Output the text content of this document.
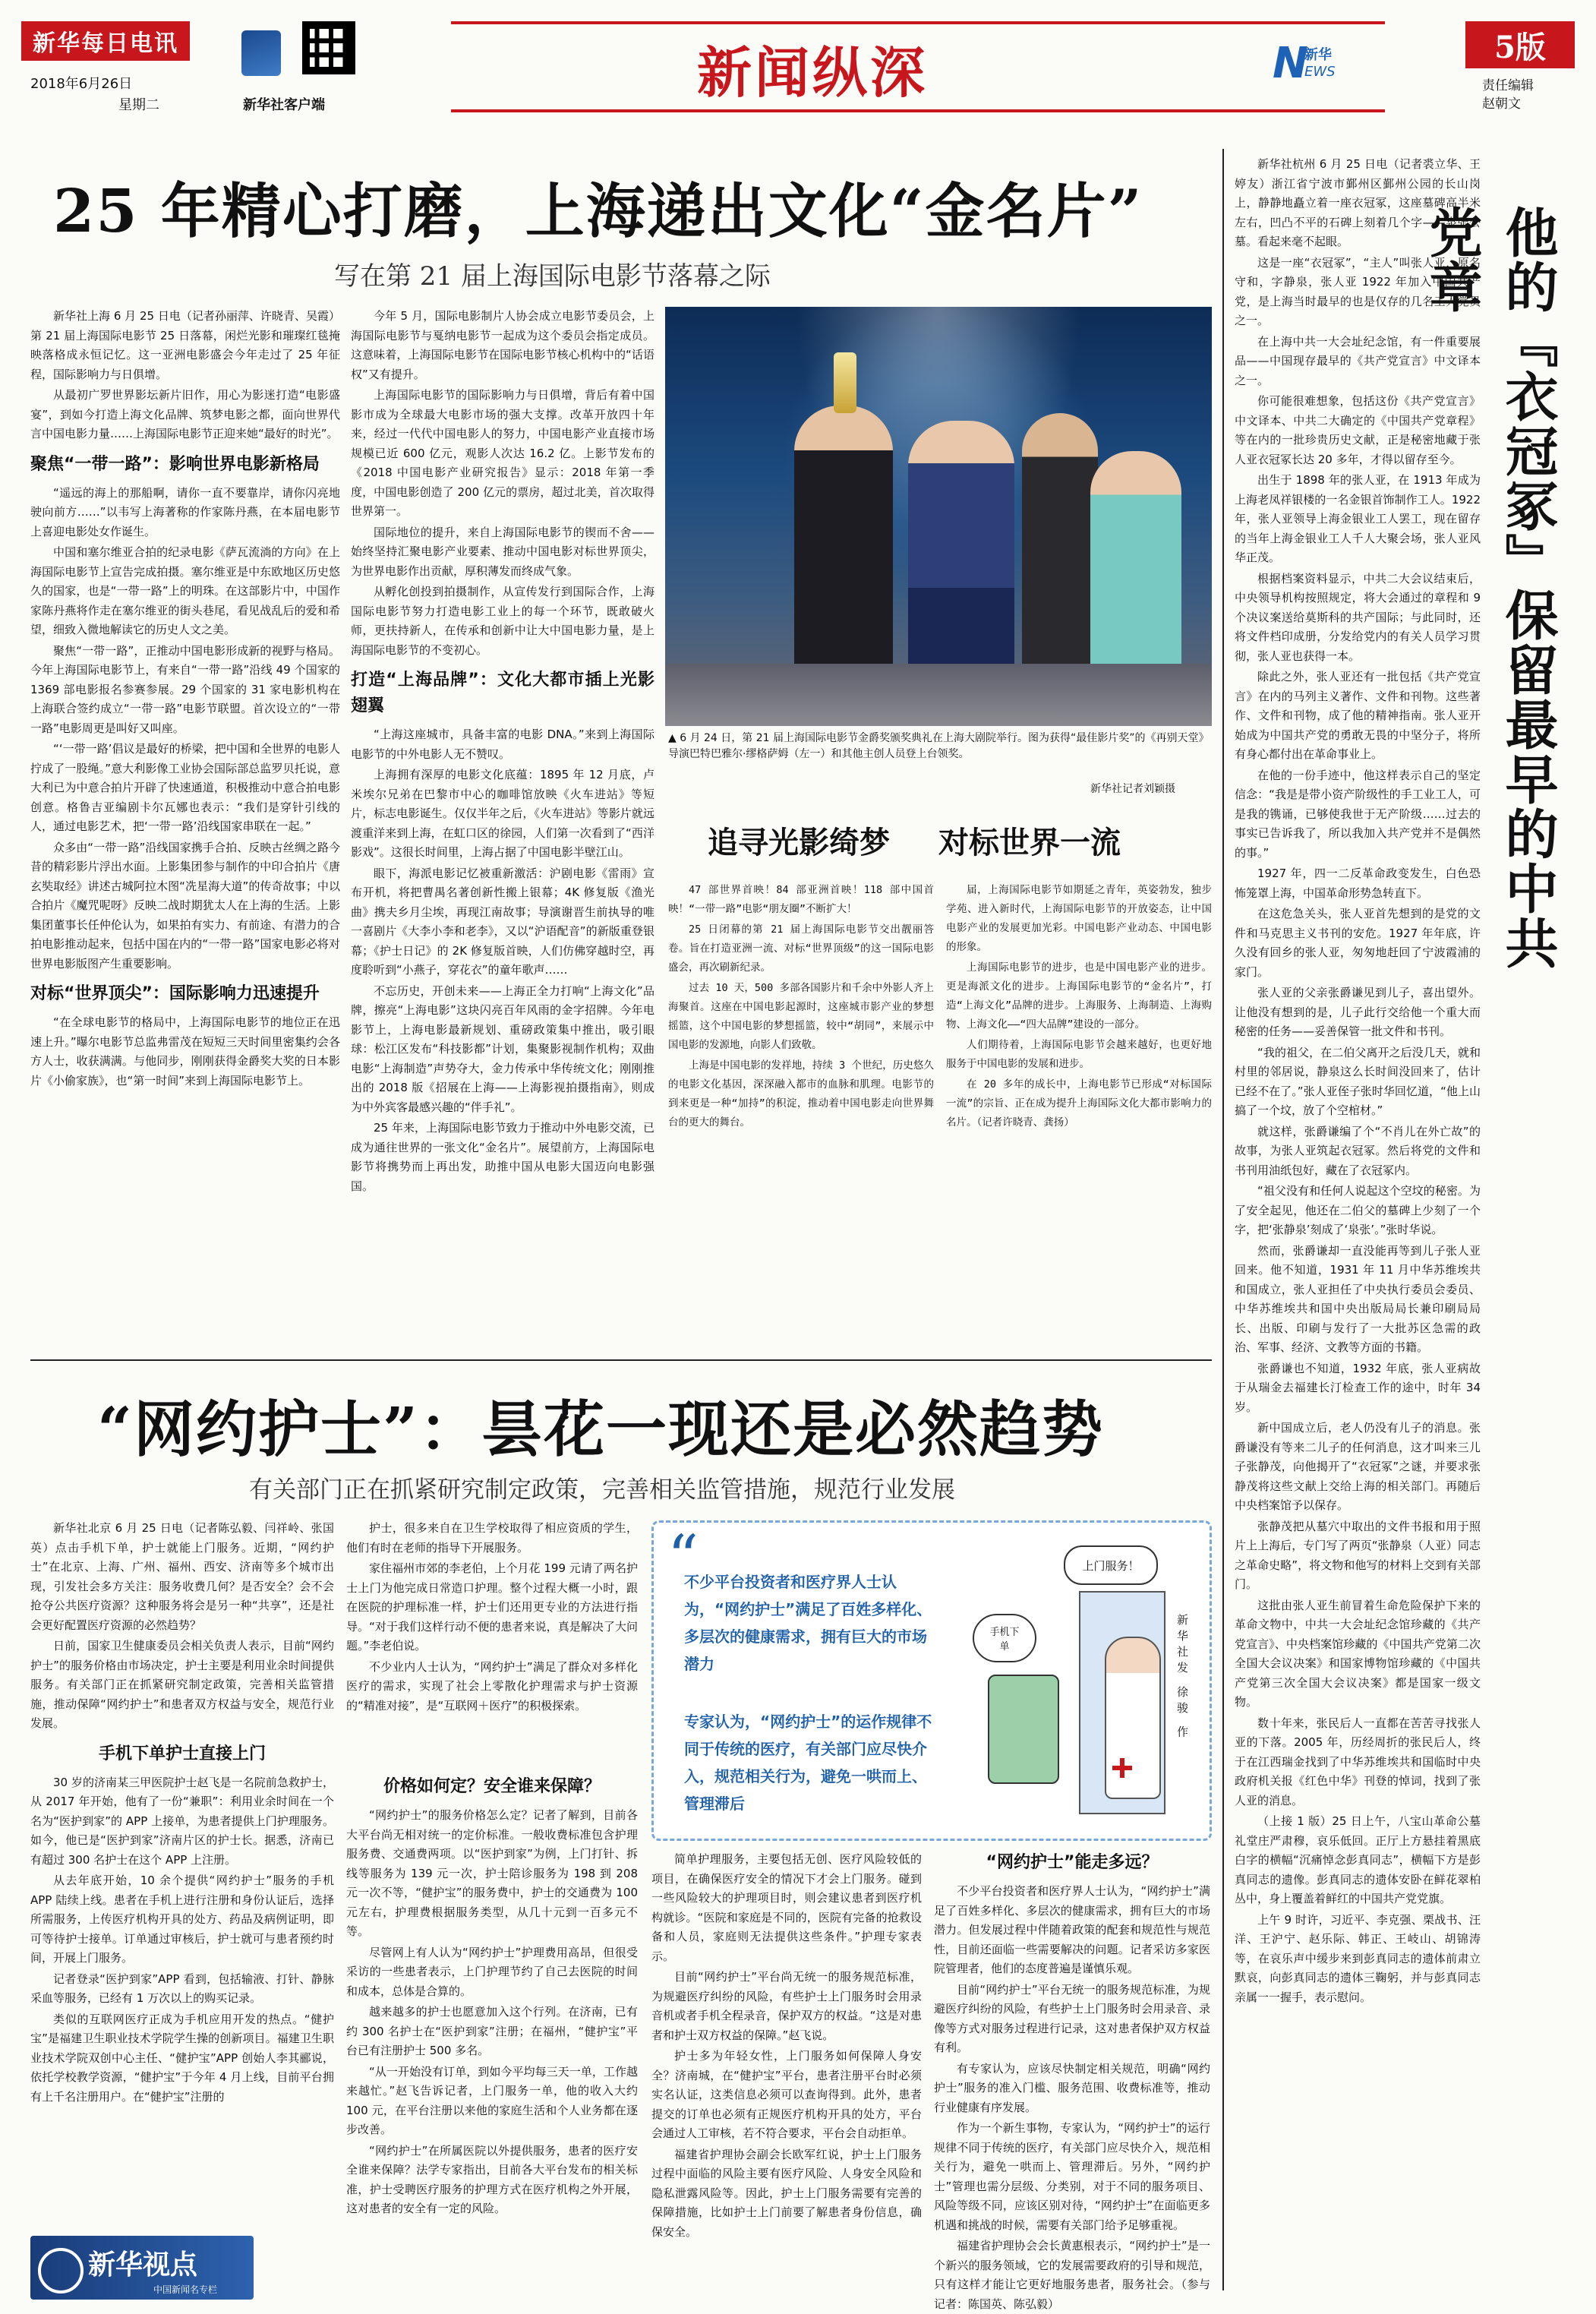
新华每日电讯
2018年6月26日
星期二	新华社客户端
新闻纵深	N
新华
EWS
5版
责任编辑
赵朝文
25 年精心打磨，上海递出文化“金名片”
写在第 21 届上海国际电影节落幕之际

新华社上海 6 月 25 日电（记者孙丽萍、许晓青、吴霞）第 21 届上海国际电影节 25 日落幕，闲烂光影和璀璨红毯掩映落格成永恒记忆。这一亚洲电影盛会今年走过了 25 年征程，国际影响力与日俱增。

从最初广罗世界影坛新片旧作，用心为影迷打造“电影盛宴”，到如今打造上海文化品牌、筑梦电影之都，面向世界代言中国电影力量……上海国际电影节正迎来她“最好的时光”。

聚焦“一带一路”：影响世界电影新格局

“遥远的海上的那船啊，请你一直不要靠岸，请你闪亮地驶向前方……”以韦写上海著称的作家陈丹燕，在本届电影节上喜迎电影处女作诞生。

中国和塞尔维亚合拍的纪录电影《萨瓦流淌的方向》在上海国际电影节上宣告完成拍摄。塞尔维亚是中东欧地区历史悠久的国家，也是“一带一路”上的明珠。在这部影片中，中国作家陈丹燕将作走在塞尔维亚的街头巷尾，看见战乱后的爱和希望，细致入微地解读它的历史人文之美。

聚焦“一带一路”，正推动中国电影形成新的视野与格局。今年上海国际电影节上，有来自“一带一路”沿线 49 个国家的 1369 部电影报名参赛参展。29 个国家的 31 家电影机构在上海联合签约成立“一带一路”电影节联盟。首次设立的“一带一路”电影周更是叫好又叫座。

“‘一带一路’倡议是最好的桥梁，把中国和全世界的电影人拧成了一股绳。”意大利影像工业协会国际部总监罗贝托说，意大利已为中意合拍片开辟了快速通道，积极推动中意合拍电影创意。格鲁吉亚编剧卡尔瓦娜也表示：“我们是穿针引线的人，通过电影艺术，把‘一带一路’沿线国家串联在一起。”

众多由“一带一路”沿线国家携手合拍、反映古丝绸之路今昔的精彩影片浮出水面。上影集团参与制作的中印合拍片《唐玄奘取经》讲述古城阿拉木图“冼星海大道”的传奇故事；中以合拍片《魔咒呢呀》反映二战时期犹太人在上海的生活。上影集团董事长任仲伦认为，如果拍有实力、有前途、有潜力的合拍电影推动起来，包括中国在内的“一带一路”国家电影必将对世界电影版图产生重要影响。

对标“世界顶尖”：国际影响力迅速提升

“在全球电影节的格局中，上海国际电影节的地位正在迅速上升。”曝尔电影节总监弗雷茂在短短三天时间里密集约会各方人士，收获满满。与他同步，刚刚获得金爵奖大奖的日本影片《小偷家族》，也“第一时间”来到上海国际电影节上。

今年 5 月，国际电影制片人协会成立电影节委员会，上海国际电影节与戛纳电影节一起成为这个委员会指定成员。这意味着，上海国际电影节在国际电影节核心机构中的“话语权”又有提升。

上海国际电影节的国际影响力与日俱增，背后有着中国影市成为全球最大电影市场的强大支撑。改革开放四十年来，经过一代代中国电影人的努力，中国电影产业直接市场规模已近 600 亿元，观影人次达 16.2 亿。上影节发布的《2018 中国电影产业研究报告》显示：2018 年第一季度，中国电影创造了 200 亿元的票房，超过北美，首次取得世界第一。

国际地位的提升，来自上海国际电影节的锲而不舍——始终坚持汇聚电影产业要素、推动中国电影对标世界顶尖，为世界电影作出贡献，厚积薄发而终成气象。

从孵化创投到拍摄制作，从宣传发行到国际合作，上海国际电影节努力打造电影工业上的每一个环节，既敢破火师，更扶持新人，在传承和创新中让大中国电影力量，是上海国际电影节的不变初心。

打造“上海品牌”：文化大都市插上光影翅翼

“上海这座城市，具备丰富的电影 DNA。”来到上海国际电影节的中外电影人无不赞叹。

上海拥有深厚的电影文化底蕴：1895 年 12 月底，卢米埃尔兄弟在巴黎市中心的咖啡馆放映《火车进站》等短片，标志电影诞生。仅仅半年之后，《火车进站》等影片就远渡重洋来到上海，在虹口区的徐园，人们第一次看到了“西洋影戏”。这很长时间里，上海占据了中国电影半壁江山。

眼下，海派电影记忆被重新激活：沪剧电影《雷雨》宣布开机，将把曹禺名著创新性搬上银幕；4K 修复版《渔光曲》携夫乡月尘埃，再现江南故事；导演谢晋生前执导的唯一喜剧片《大李小李和老李》，又以“沪语配音”的新版重登银幕；《护士日记》的 2K 修复版首映，人们仿佛穿越时空，再度聆听到“小燕子，穿花衣”的童年歌声……

不忘历史，开创未来——上海正全力打响“上海文化”品牌，擦亮“上海电影”这块闪亮百年风雨的金字招牌。今年电影节上，上海电影最新规划、重磅政策集中推出，吸引眼球：松江区发布“科技影都”计划，集聚影视制作机构；双曲电影“上海制造”声势夺大，金力传承中华传统文化；刚刚推出的 2018 版《招展在上海——上海影视拍摄指南》，则成为中外宾客最感兴趣的“伴手礼”。

25 年来，上海国际电影节致力于推动中外电影交流，已成为通往世界的一张文化“金名片”。展望前方，上海国际电影节将携势而上再出发，助推中国从电影大国迈向电影强国。

▲ 6 月 24 日，第 21 届上海国际电影节金爵奖颁奖典礼在上海大剧院举行。图为获得“最佳影片奖”的《再别天堂》导演巴特巴雅尔·缪格萨姆（左一）和其他主创人员登上台领奖。
新华社记者刘颖摄
追寻光影绮梦 对标世界一流

47 部世界首映！84 部亚洲首映！118 部中国首映！“一带一路”电影“朋友圈”不断扩大！

25 日闭幕的第 21 届上海国际电影节交出靓丽答卷。旨在打造亚洲一流、对标“世界顶级”的这一国际电影盛会，再次刷新纪录。

过去 10 天，500 多部各国影片和千余中外影人齐上海聚首。这座在中国电影起源时，这座城市影产业的梦想摇篮，这个中国电影的梦想摇篮，较中“胡同”，来展示中国电影的发源地，向影人们致敬。

上海是中国电影的发祥地，持续 3 个世纪，历史悠久的电影文化基因，深深融入都市的血脉和肌理。电影节的到来更是一种“加持”的积淀，推动着中国电影走向世界舞台的更大的舞台。

届，上海国际电影节如期延之青年，英姿勃发，独步学苑、进入新时代，上海国际电影节的开放姿态，让中国电影产业的发展更加光彩。中国电影产业动态、中国电影的形象。

上海国际电影节的进步，也是中国电影产业的进步。更是海派文化的进步。上海国际电影节的“金名片”，打造“上海文化”品牌的进步。上海服务、上海制造、上海购物、上海文化——“四大品牌”建设的一部分。

人们期待着，上海国际电影节会越来越好，也更好地服务于中国电影的发展和进步。

在 20 多年的成长中，上海电影节已形成“对标国际一流”的宗旨、正在成为提升上海国际文化大都市影响力的名片。（记者许晓青、龚扬）

新华社杭州 6 月 25 日电（记者裘立华、王婷友）浙江省宁波市鄞州区鄞州公园的长山岗上，静静地矗立着一座衣冠冢，这座墓碑高半米左右，凹凸不平的石碑上刻着几个字——泉张公墓。看起来毫不起眼。

这是一座“衣冠冢”，“主人”叫张人亚，原名守和，字静泉，张人亚 1922 年加入中国共产党，是上海当时最早的也是仅存的几名工人党员之一。

在上海中共一大会址纪念馆，有一件重要展品——中国现存最早的《共产党宣言》中文译本之一。

你可能很难想象，包括这份《共产党宣言》中文译本、中共二大确定的《中国共产党章程》等在内的一批珍贵历史文献，正是秘密地藏于张人亚衣冠冢长达 20 多年，才得以留存至今。

出生于 1898 年的张人亚，在 1913 年成为上海老凤祥银楼的一名金银首饰制作工人。1922 年，张人亚领导上海金银业工人罢工，现在留存的当年上海金银业工人千人大聚会场，张人亚风华正茂。

根据档案资料显示，中共二大会议结束后，中央领导机构按照规定，将大会通过的章程和 9 个决议案送给莫斯科的共产国际；与此同时，还将文件档印成册，分发给党内的有关人员学习贯彻，张人亚也获得一本。

除此之外，张人亚还有一批包括《共产党宣言》在内的马列主义著作、文件和刊物。这些著作、文件和刊物，成了他的精神指南。张人亚开始成为中国共产党的勇敢无畏的中坚分子，将所有身心都付出在革命事业上。

在他的一份手迹中，他这样表示自己的坚定信念：“我是是带小资产阶级性的手工业工人，可是我的镌诵，已够使我世于无产阶级……过去的事实已告诉我了，所以我加入共产党并不是偶然的事。”

1927 年，四一二反革命政变发生，白色恐怖笼罩上海，中国革命形势急转直下。

在这危急关头，张人亚首先想到的是党的文件和马克思主义书刊的安危。1927 年年底，许久没有回乡的张人亚，匆匆地赶回了宁波霞浦的家门。

张人亚的父亲张爵谦见到儿子，喜出望外。让他没有想到的是，儿子此行交给他一个重大而秘密的任务——妥善保管一批文件和书刊。

“我的祖父，在二伯父离开之后没几天，就和村里的邻居说，静泉这么长时间没回来了，估计已经不在了。”张人亚侄子张时华回忆道，“他上山搞了一个坟，放了个空棺材。”

就这样，张爵谦编了个“不肖儿在外亡故”的故事，为张人亚筑起衣冠冢。然后将党的文件和书刊用油纸包好，藏在了衣冠冢内。

“祖父没有和任何人说起这个空坟的秘密。为了安全起见，他还在二伯父的墓碑上少刻了一个字，把‘张静泉’刻成了‘泉张’。”张时华说。

然而，张爵谦却一直没能再等到儿子张人亚回来。他不知道，1931 年 11 月中华苏维埃共和国成立，张人亚担任了中央执行委员会委员、中华苏维埃共和国中央出版局局长兼印刷局局长、出版、印刷与发行了一大批苏区急需的政治、军事、经济、文教等方面的书籍。

张爵谦也不知道，1932 年底，张人亚病故于从瑞金去福建长汀检查工作的途中，时年 34 岁。

新中国成立后，老人仍没有儿子的消息。张爵谦没有等来二儿子的任何消息，这才叫来三儿子张静茂，向他揭开了“衣冠冢”之谜，并要求张静茂将这些文献上交给上海的相关部门。再随后中央档案馆予以保存。

张静茂把从墓穴中取出的文件书报和用于照片上上海后，专门写了两页“张静泉（人亚）同志之革命史略”，将文物和他写的材料上交到有关部门。

这批由张人亚生前冒着生命危险保护下来的革命文物中，中共一大会址纪念馆珍藏的《共产党宣言》、中央档案馆珍藏的《中国共产党第二次全国大会议决案》和国家博物馆珍藏的《中国共产党第三次全国大会议决案》都是国家一级文物。

数十年来，张民后人一直都在苦苦寻找张人亚的下落。2005 年，历经周折的张民后人，终于在江西瑞金找到了中华苏维埃共和国临时中央政府机关报《红色中华》刊登的悼词，找到了张人亚的消息。

（上接 1 版）25 日上午，八宝山革命公墓礼堂庄严肃穆，哀乐低回。正厅上方悬挂着黑底白字的横幅“沉痛悼念彭真同志”，横幅下方是彭真同志的遗像。彭真同志的遗体安卧在鲜花翠柏丛中，身上覆盖着鲜红的中国共产党党旗。

上午 9 时许，习近平、李克强、栗战书、汪洋、王沪宁、赵乐际、韩正、王岐山、胡锦涛等，在哀乐声中缓步来到彭真同志的遗体前肃立默哀，向彭真同志的遗体三鞠躬，并与彭真同志亲属一一握手，表示慰问。

他的『衣冠冢』保留最早的中共党章
“网约护士”：昙花一现还是必然趋势
有关部门正在抓紧研究制定政策，完善相关监管措施，规范行业发展

新华社北京 6 月 25 日电（记者陈弘毅、闫祥岭、张国英）点击手机下单，护士就能上门服务。近期，“网约护士”在北京、上海、广州、福州、西安、济南等多个城市出现，引发社会多方关注：服务收费几何？是否安全？会不会抢夺公共医疗资源？这种服务将会是另一种“共享”，还是社会更好配置医疗资源的必然趋势？

日前，国家卫生健康委员会相关负责人表示，目前“网约护士”的服务价格由市场决定，护士主要是利用业余时间提供服务。有关部门正在抓紧研究制定政策，完善相关监管措施，推动保障“网约护士”和患者双方权益与安全，规范行业发展。

手机下单护士直接上门

30 岁的济南某三甲医院护士赵飞是一名院前急救护士，从 2017 年开始，他有了一份“兼职”：利用业余时间在一个名为“医护到家”的 APP 上接单，为患者提供上门护理服务。如今，他已是“医护到家”济南片区的护士长。据悉，济南已有超过 300 名护士在这个 APP 上注册。

从去年底开始，10 余个提供“网约护士”服务的手机 APP 陆续上线。患者在手机上进行注册和身份认证后，选择所需服务，上传医疗机构开具的处方、药品及病例证明，即可等待护士接单。订单通过审核后，护士就可与患者预约时间，开展上门服务。

记者登录“医护到家”APP 看到，包括输液、打针、静脉采血等服务，已经有 1 万次以上的购买记录。

类似的互联网医疗正成为手机应用开发的热点。“健护宝”是福建卫生职业技术学院学生操的创新项目。福建卫生职业技术学院双创中心主任、“健护宝”APP 创始人李其郦说，依托学校教学资源，“健护宝”于今年 4 月上线，目前平台拥有上千名注册用户。在“健护宝”注册的

新华视点
中国新闻名专栏

护士，很多来自在卫生学校取得了相应资质的学生，他们有时在老师的指导下开展服务。

家住福州市郊的李老伯，上个月花 199 元请了两名护士上门为他完成日常造口护理。整个过程大概一小时，跟在医院的护理标准一样，护士们还用更专业的方法进行指导。“对于我们这样行动不便的患者来说，真是解决了大问题。”李老伯说。

不少业内人士认为，“网约护士”满足了群众对多样化医疗的需求，实现了社会上零散化护理需求与护士资源的“精准对接”，是“互联网＋医疗”的积极探索。

“
不少平台投资者和医疗界人士认为，“网约护士”满足了百姓多样化、多层次的健康需求，拥有巨大的市场潜力
专家认为，“网约护士”的运作规律不同于传统的医疗，有关部门应尽快介入，规范相关行为，避免一哄而上、管理滞后
上门服务！
手机下单	新华社发 徐骏 作
价格如何定？安全谁来保障？

“网约护士”的服务价格怎么定？记者了解到，目前各大平台尚无相对统一的定价标准。一般收费标准包含护理服务费、交通费两项。以“医护到家”为例，上门打针、拆线等服务为 139 元一次，护士陪诊服务为 198 到 208 元一次不等，“健护宝”的服务费中，护士的交通费为 100 元左右，护理费根据服务类型，从几十元到一百多元不等。

尽管网上有人认为“网约护士”护理费用高昂，但很受采访的一些患者表示，上门护理节约了自己去医院的时间和成本，总体是合算的。

越来越多的护士也愿意加入这个行列。在济南，已有约 300 名护士在“医护到家”注册；在福州，“健护宝”平台已有注册护士 500 多名。

“从一开始没有订单，到如今平均每三天一单，工作越来越忙。”赵飞告诉记者，上门服务一单，他的收入大约 100 元，在平台注册以来他的家庭生活和个人业务都在逐步改善。

“网约护士”在所属医院以外提供服务，患者的医疗安全谁来保障？法学专家指出，目前各大平台发布的相关标准，护士受聘医疗服务的护理方式在医疗机构之外开展，这对患者的安全有一定的风险。

简单护理服务，主要包括无创、医疗风险较低的项目，在确保医疗安全的情况下才会上门服务。碰到一些风险较大的护理项目时，则会建议患者到医疗机构就诊。“医院和家庭是不同的，医院有完备的抢救设备和人员，家庭则无法提供这些条件。”护理专家表示。

目前“网约护士”平台尚无统一的服务规范标准，为规避医疗纠纷的风险，有些护士上门服务时会用录音机或者手机全程录音，保护双方的权益。“这是对患者和护士双方权益的保障。”赵飞说。

护士多为年轻女性，上门服务如何保障人身安全？济南城，在“健护宝”平台，患者注册平台时必须实名认证，这类信息必须可以查询得到。此外，患者提交的订单也必须有正规医疗机构开具的处方，平台会通过人工审核，若不符合要求，平台会自动拒单。

福建省护理协会副会长欧军红说，护士上门服务过程中面临的风险主要有医疗风险、人身安全风险和隐私泄露风险等。因此，护士上门服务需要有完善的保障措施，比如护士上门前要了解患者身份信息，确保安全。

“网约护士”能走多远？

不少平台投资者和医疗界人士认为，“网约护士”满足了百姓多样化、多层次的健康需求，拥有巨大的市场潜力。但发展过程中伴随着政策的配套和规范性与规范性，目前还面临一些需要解决的问题。记者采访多家医院管理者，他们的态度普遍是谨慎乐观。

目前“网约护士”平台无统一的服务规范标准，为规避医疗纠纷的风险，有些护士上门服务时会用录音、录像等方式对服务过程进行记录，这对患者保护双方权益有利。

有专家认为，应该尽快制定相关规范，明确“网约护士”服务的准入门槛、服务范围、收费标准等，推动行业健康有序发展。

作为一个新生事物，专家认为，“网约护士”的运行规律不同于传统的医疗，有关部门应尽快介入，规范相关行为，避免一哄而上、管理滞后。另外，“网约护士”管理也需分层级、分类别，对于不同的服务项目、风险等级不同，应该区别对待，“网约护士”在面临更多机遇和挑战的时候，需要有关部门给予足够重视。

福建省护理协会会长黄惠根表示，“网约护士”是一个新兴的服务领域，它的发展需要政府的引导和规范，只有这样才能让它更好地服务患者，服务社会。（参与记者：陈国英、陈弘毅）
